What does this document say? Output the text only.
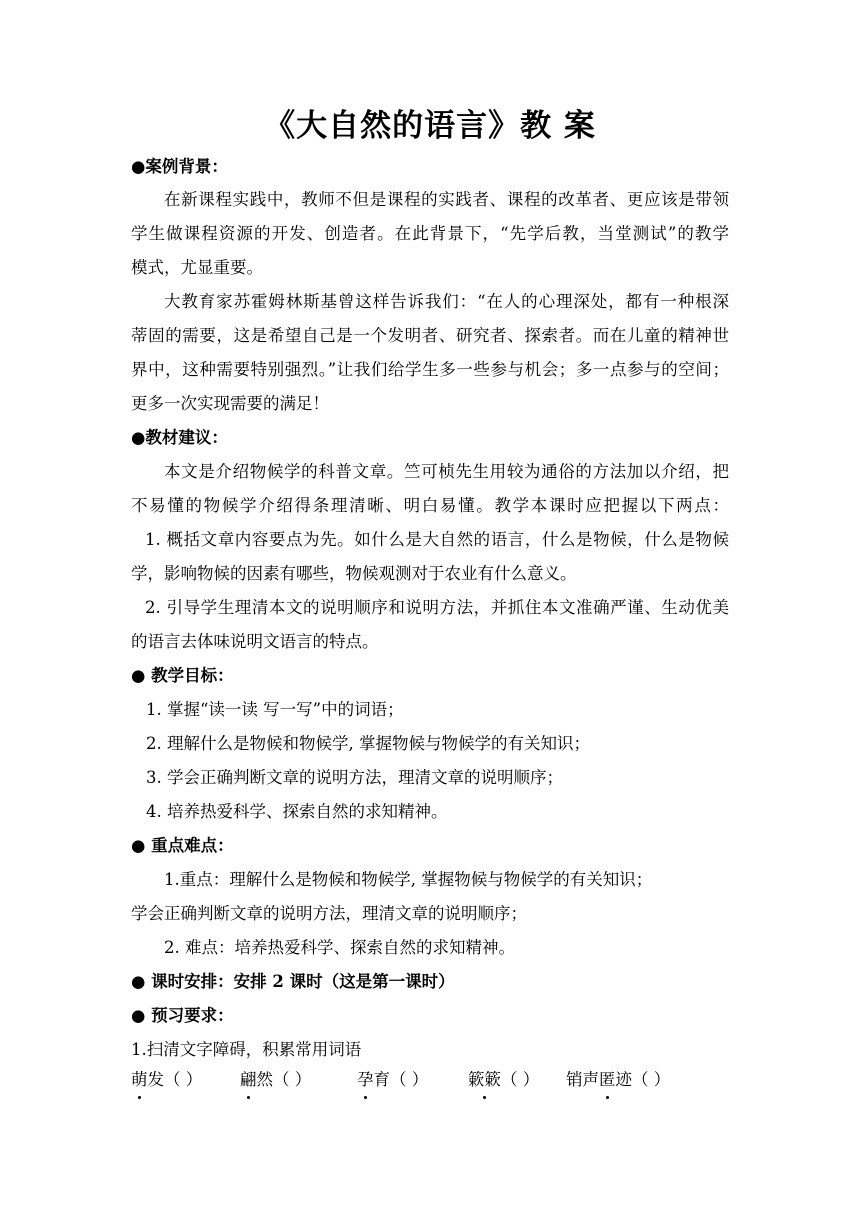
《大自然的语言》教 案
●案例背景：
在新课程实践中，教师不但是课程的实践者、课程的改革者、更应该是带领
学生做课程资源的开发、创造者。在此背景下，“先学后教，当堂测试”的教学
模式，尤显重要。
大教育家苏霍姆林斯基曾这样告诉我们：“在人的心理深处，都有一种根深
蒂固的需要，这是希望自己是一个发明者、研究者、探索者。而在儿童的精神世
界中，这种需要特别强烈。”让我们给学生多一些参与机会；多一点参与的空间；
更多一次实现需要的满足！
●教材建议：
本文是介绍物候学的科普文章。竺可桢先生用较为通俗的方法加以介绍，把
不易懂的物候学介绍得条理清晰、明白易懂。教学本课时应把握以下两点：
1. 概括文章内容要点为先。如什么是大自然的语言，什么是物候，什么是物候
学，影响物候的因素有哪些，物候观测对于农业有什么意义。
2. 引导学生理清本文的说明顺序和说明方法，并抓住本文准确严谨、生动优美
的语言去体味说明文语言的特点。
● 教学目标：
1. 掌握“读一读 写一写”中的词语；
2. 理解什么是物候和物候学, 掌握物候与物候学的有关知识；
3. 学会正确判断文章的说明方法，理清文章的说明顺序；
4. 培养热爱科学、探索自然的求知精神。
● 重点难点：
1.重点：理解什么是物候和物候学, 掌握物候与物候学的有关知识；
学会正确判断文章的说明方法，理清文章的说明顺序；
2. 难点：培养热爱科学、探索自然的求知精神。
● 课时安排：安排 2 课时（这是第一课时）
● 预习要求：
1.扫清文字障碍，积累常用词语
萌发（ ） 翩然（ ）	孕育（ ） 簌簌（ ） 销声匿迹（ ）
